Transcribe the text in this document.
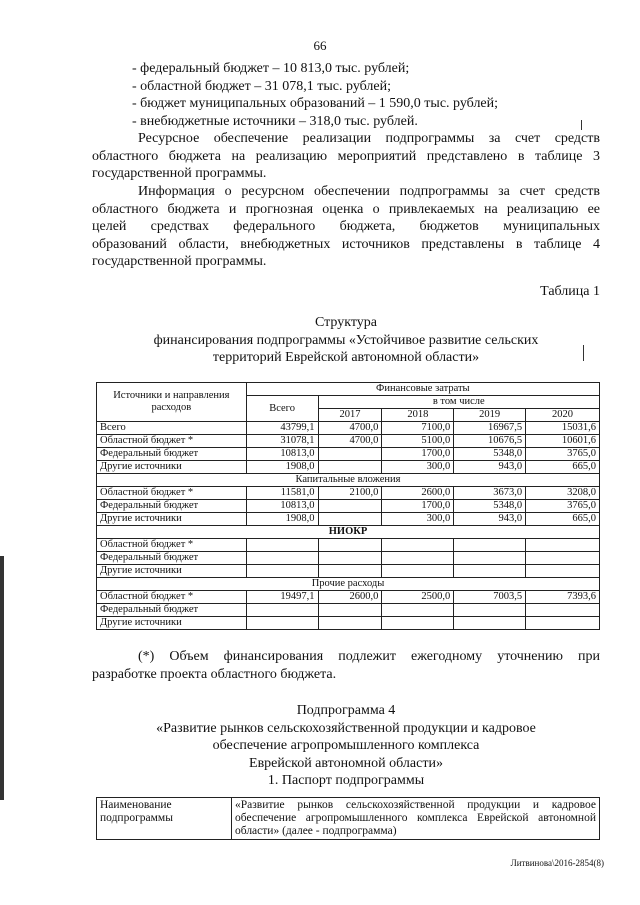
66
- федеральный бюджет – 10 813,0 тыс. рублей;
- областной бюджет – 31 078,1 тыс. рублей;
- бюджет муниципальных образований – 1 590,0 тыс. рублей;
- внебюджетные источники – 318,0 тыс. рублей.
Ресурсное обеспечение реализации подпрограммы за счет средств
областного бюджета на реализацию мероприятий представлено в таблице 3
государственной программы.
Информация о ресурсном обеспечении подпрограммы за счет средств
областного бюджета и прогнозная оценка о привлекаемых на реализацию ее
целей средствах федерального бюджета, бюджетов муниципальных
образований области, внебюджетных источников представлены в таблице 4
государственной программы.
Таблица 1
Структура
финансирования подпрограммы «Устойчивое развитие сельских
территорий Еврейской автономной области»
Источники и направления расходов	Финансовые затраты				
	Всего	в том числе			
		2017	2018	2019	2020
Всего	43799,1	4700,0	7100,0	16967,5	15031,6
Областной бюджет *	31078,1	4700,0	5100,0	10676,5	10601,6
Федеральный бюджет	10813,0		1700,0	5348,0	3765,0
Другие источники	1908,0		300,0	943,0	665,0
Капитальные вложения					
Областной бюджет *	11581,0	2100,0	2600,0	3673,0	3208,0
Федеральный бюджет	10813,0		1700,0	5348,0	3765,0
Другие источники	1908,0		300,0	943,0	665,0
НИОКР					
Областной бюджет *					
Федеральный бюджет					
Другие источники					
Прочие расходы					
Областной бюджет *	19497,1	2600,0	2500,0	7003,5	7393,6
Федеральный бюджет					
Другие источники					
(*) Объем финансирования подлежит ежегодному уточнению при
разработке проекта областного бюджета.
Подпрограмма 4
«Развитие рынков сельскохозяйственной продукции и кадровое
обеспечение агропромышленного комплекса
Еврейской автономной области»
1. Паспорт подпрограммы
Наименование подпрограммы	«Развитие рынков сельскохозяйственной продукции и кадровое обеспечение агропромышленного комплекса Еврейской автономной области» (далее - подпрограмма)
Литвинова\2016-2854(8)
